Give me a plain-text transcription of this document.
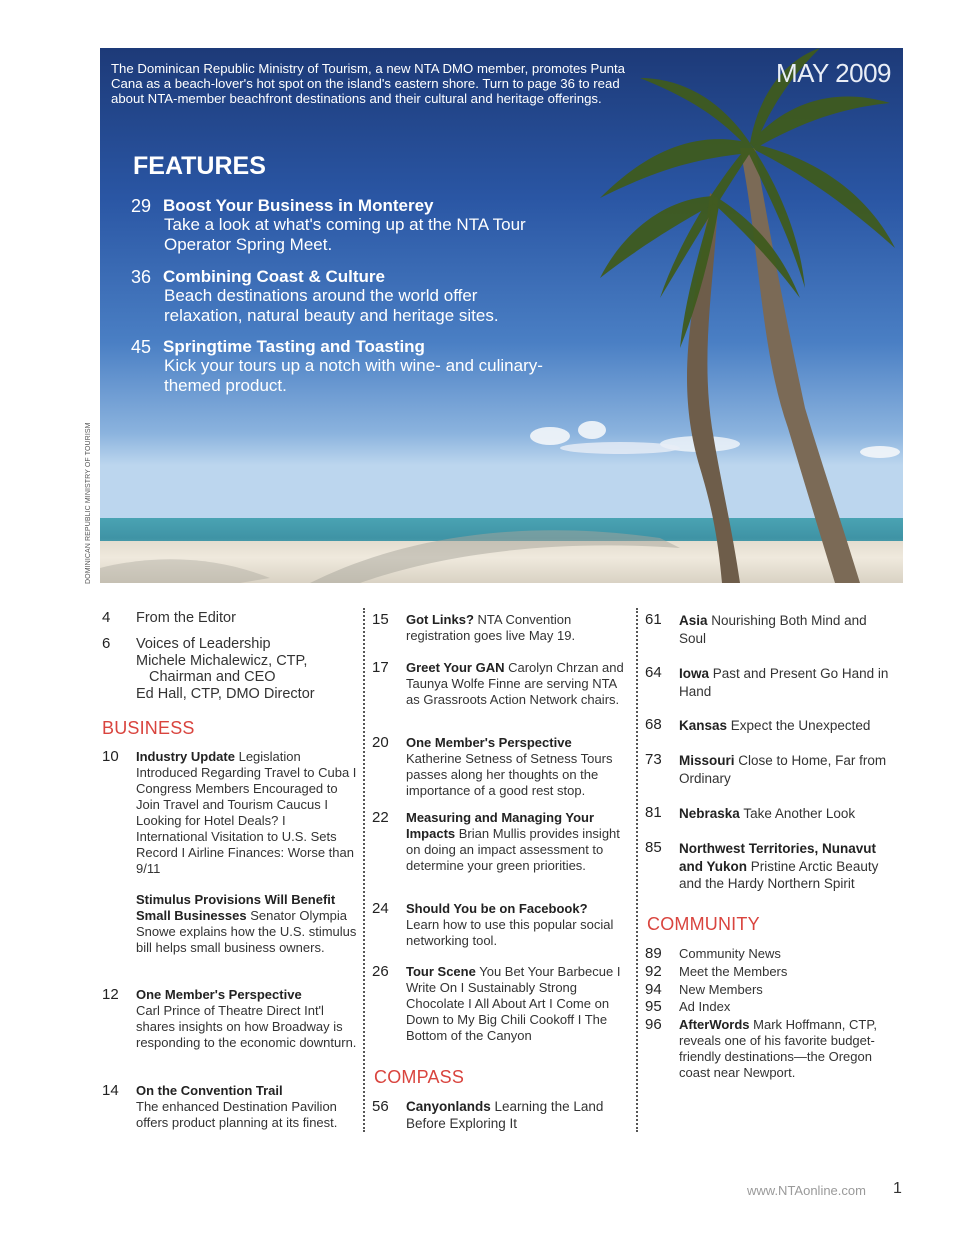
The Dominican Republic Ministry of Tourism, a new NTA DMO member, promotes Punta Cana as a beach-lover's hot spot on the island's eastern shore. Turn to page 36 to read about NTA-member beachfront destinations and their cultural and heritage offerings.
MAY 2009
FEATURES
29 Boost Your Business in Monterey
Take a look at what's coming up at the NTA Tour Operator Spring Meet.
36 Combining Coast & Culture
Beach destinations around the world offer relaxation, natural beauty and heritage sites.
45 Springtime Tasting and Toasting
Kick your tours up a notch with wine- and culinary-themed product.
DOMINICAN REPUBLIC MINISTRY OF TOURISM
4 From the Editor
6 Voices of Leadership
Michele Michalewicz, CTP,
Chairman and CEO
Ed Hall, CTP, DMO Director
BUSINESS
10 Industry Update Legislation Introduced Regarding Travel to Cuba I Congress Members Encouraged to Join Travel and Tourism Caucus I Looking for Hotel Deals? I International Visitation to U.S. Sets Record I Airline Finances: Worse than 9/11
Stimulus Provisions Will Benefit Small Businesses Senator Olympia Snowe explains how the U.S. stimulus bill helps small business owners.
12 One Member's Perspective
Carl Prince of Theatre Direct Int'l shares insights on how Broadway is responding to the economic downturn.
14 On the Convention Trail
The enhanced Destination Pavilion offers product planning at its finest.
15 Got Links? NTA Convention registration goes live May 19.
17 Greet Your GAN Carolyn Chrzan and Taunya Wolfe Finne are serving NTA as Grassroots Action Network chairs.
20 One Member's Perspective
Katherine Setness of Setness Tours passes along her thoughts on the importance of a good rest stop.
22 Measuring and Managing Your Impacts Brian Mullis provides insight on doing an impact assessment to determine your green priorities.
24 Should You be on Facebook?
Learn how to use this popular social networking tool.
26 Tour Scene You Bet Your Barbecue I Write On I Sustainably Strong Chocolate I All About Art I Come on Down to My Big Chili Cookoff I The Bottom of the Canyon
COMPASS
56 Canyonlands Learning the Land Before Exploring It
61 Asia Nourishing Both Mind and Soul
64 Iowa Past and Present Go Hand in Hand
68 Kansas Expect the Unexpected
73 Missouri Close to Home, Far from Ordinary
81 Nebraska Take Another Look
85 Northwest Territories, Nunavut and Yukon Pristine Arctic Beauty and the Hardy Northern Spirit
COMMUNITY
89 Community News
92 Meet the Members
94 New Members
95 Ad Index
96 AfterWords Mark Hoffmann, CTP, reveals one of his favorite budget-friendly destinations—the Oregon coast near Newport.
www.NTAonline.com 1
